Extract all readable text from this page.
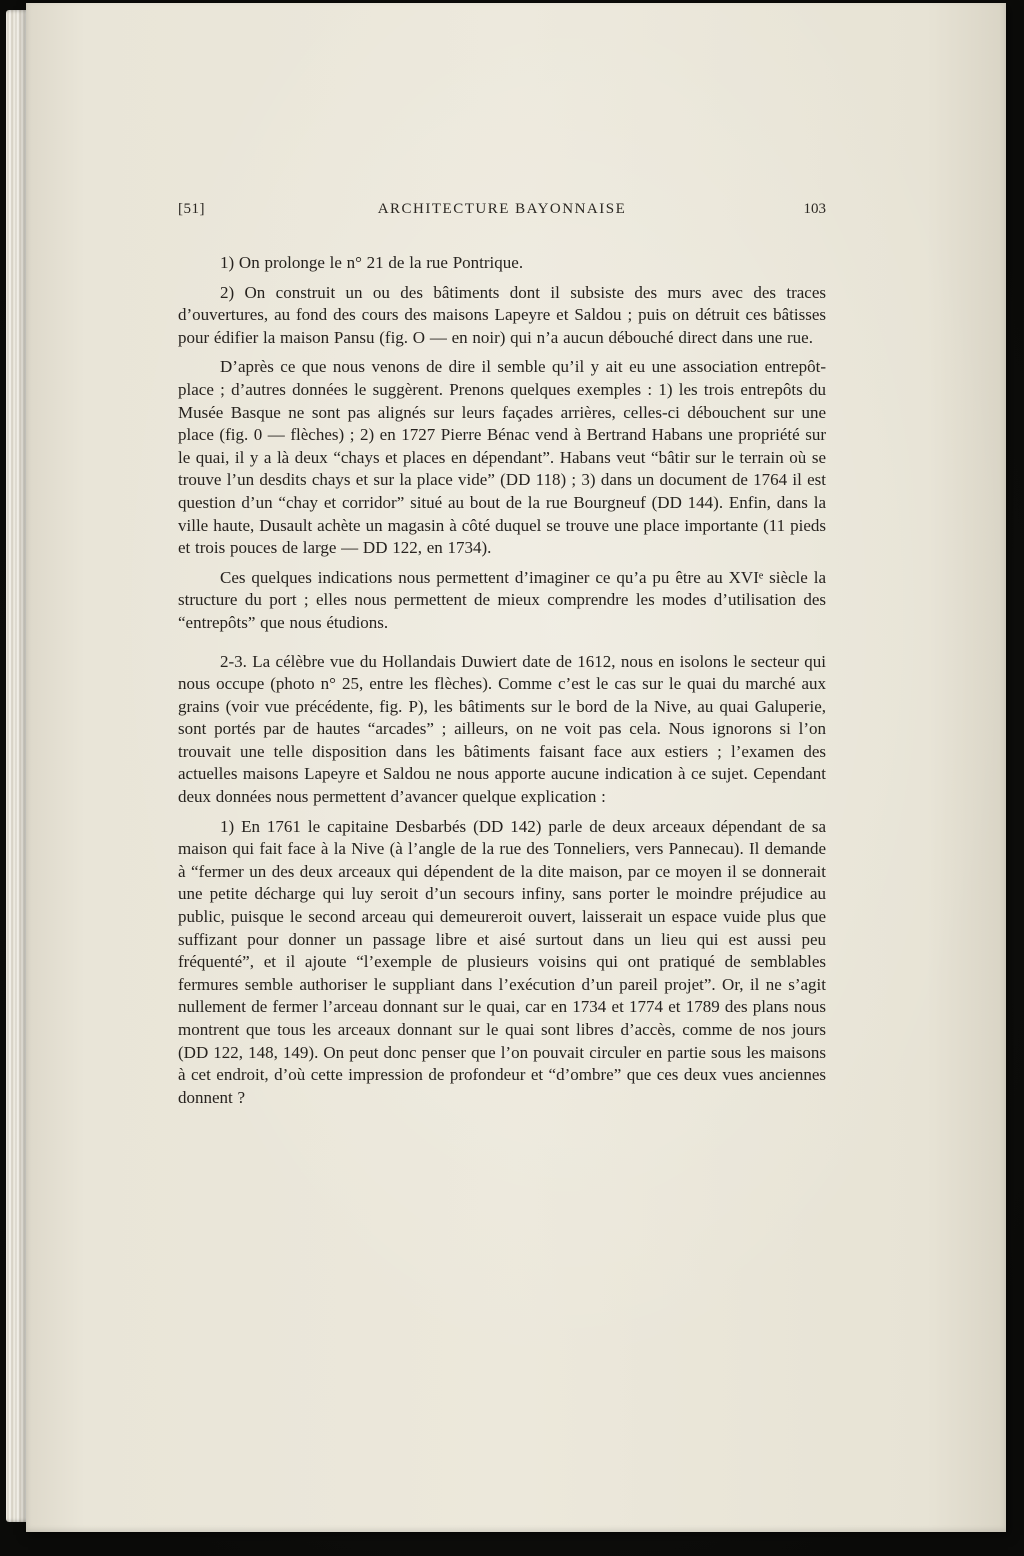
[51]	ARCHITECTURE BAYONNAISE	103

1) On prolonge le n° 21 de la rue Pontrique.

2) On construit un ou des bâtiments dont il subsiste des murs avec des traces d’ouvertures, au fond des cours des maisons Lapeyre et Saldou ; puis on détruit ces bâtisses pour édifier la maison Pansu (fig. O — en noir) qui n’a aucun débouché direct dans une rue.

D’après ce que nous venons de dire il semble qu’il y ait eu une association entrepôt-place ; d’autres données le suggèrent. Prenons quelques exemples : 1) les trois entrepôts du Musée Basque ne sont pas alignés sur leurs façades arrières, celles-ci débouchent sur une place (fig. 0 — flèches) ; 2) en 1727 Pierre Bénac vend à Bertrand Habans une propriété sur le quai, il y a là deux “chays et places en dépendant”. Habans veut “bâtir sur le terrain où se trouve l’un desdits chays et sur la place vide” (DD 118) ; 3) dans un document de 1764 il est question d’un “chay et corridor” situé au bout de la rue Bourgneuf (DD 144). Enfin, dans la ville haute, Dusault achète un magasin à côté duquel se trouve une place importante (11 pieds et trois pouces de large — DD 122, en 1734).

Ces quelques indications nous permettent d’imaginer ce qu’a pu être au XVIᵉ siècle la structure du port ; elles nous permettent de mieux comprendre les modes d’utilisation des “entrepôts” que nous étudions.

2-3. La célèbre vue du Hollandais Duwiert date de 1612, nous en isolons le secteur qui nous occupe (photo n° 25, entre les flèches). Comme c’est le cas sur le quai du marché aux grains (voir vue précédente, fig. P), les bâtiments sur le bord de la Nive, au quai Galuperie, sont portés par de hautes “arcades” ; ailleurs, on ne voit pas cela. Nous ignorons si l’on trouvait une telle disposition dans les bâtiments faisant face aux estiers ; l’examen des actuelles maisons Lapeyre et Saldou ne nous apporte aucune indication à ce sujet. Cependant deux données nous permettent d’avancer quelque explication :

1) En 1761 le capitaine Desbarbés (DD 142) parle de deux arceaux dépendant de sa maison qui fait face à la Nive (à l’angle de la rue des Tonneliers, vers Pannecau). Il demande à “fermer un des deux arceaux qui dépendent de la dite maison, par ce moyen il se donnerait une petite décharge qui luy seroit d’un secours infiny, sans porter le moindre préjudice au public, puisque le second arceau qui demeureroit ouvert, laisserait un espace vuide plus que suffizant pour donner un passage libre et aisé surtout dans un lieu qui est aussi peu fréquenté”, et il ajoute “l’exemple de plusieurs voisins qui ont pratiqué de semblables fermures semble authoriser le suppliant dans l’exécution d’un pareil projet”. Or, il ne s’agit nullement de fermer l’arceau donnant sur le quai, car en 1734 et 1774 et 1789 des plans nous montrent que tous les arceaux donnant sur le quai sont libres d’accès, comme de nos jours (DD 122, 148, 149). On peut donc penser que l’on pouvait circuler en partie sous les maisons à cet endroit, d’où cette impression de profondeur et “d’ombre” que ces deux vues anciennes donnent ?
